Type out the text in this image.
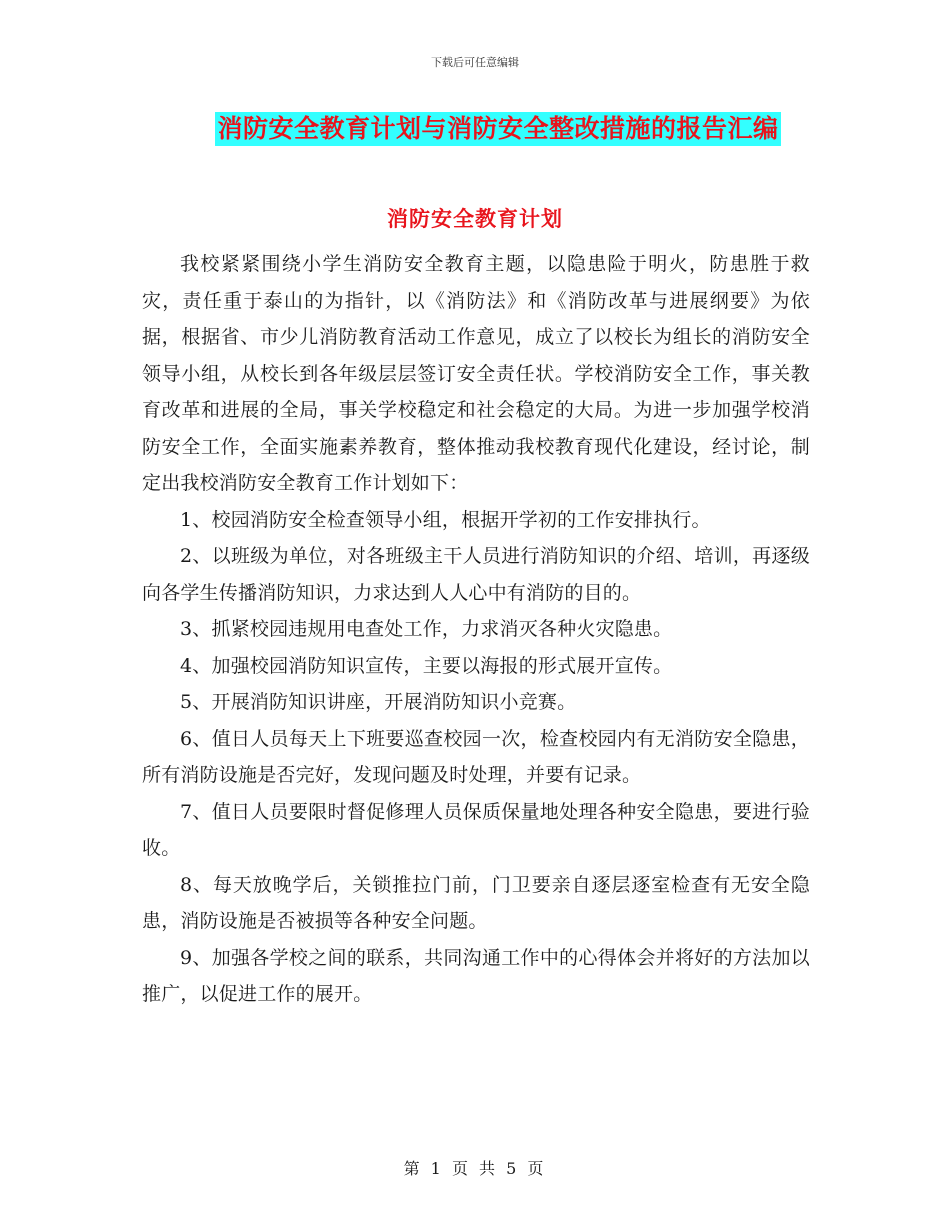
下载后可任意编辑
消防安全教育计划与消防安全整改措施的报告汇编
消防安全教育计划

我校紧紧围绕小学生消防安全教育主题，以隐患险于明火，防患胜于救灾，责任重于泰山的为指针，以《消防法》和《消防改革与进展纲要》为依据，根据省、市少儿消防教育活动工作意见，成立了以校长为组长的消防安全领导小组，从校长到各年级层层签订安全责任状。学校消防安全工作，事关教育改革和进展的全局，事关学校稳定和社会稳定的大局。为进一步加强学校消防安全工作，全面实施素养教育，整体推动我校教育现代化建设，经讨论，制定出我校消防安全教育工作计划如下：

1、校园消防安全检查领导小组，根据开学初的工作安排执行。

2、以班级为单位，对各班级主干人员进行消防知识的介绍、培训，再逐级向各学生传播消防知识，力求达到人人心中有消防的目的。

3、抓紧校园违规用电查处工作，力求消灭各种火灾隐患。

4、加强校园消防知识宣传，主要以海报的形式展开宣传。

5、开展消防知识讲座，开展消防知识小竞赛。

6、值日人员每天上下班要巡查校园一次，检查校园内有无消防安全隐患，所有消防设施是否完好，发现问题及时处理，并要有记录。

7、值日人员要限时督促修理人员保质保量地处理各种安全隐患，要进行验收。

8、每天放晚学后，关锁推拉门前，门卫要亲自逐层逐室检查有无安全隐患，消防设施是否被损等各种安全问题。

9、加强各学校之间的联系，共同沟通工作中的心得体会并将好的方法加以推广，以促进工作的展开。

第 1 页 共 5 页
